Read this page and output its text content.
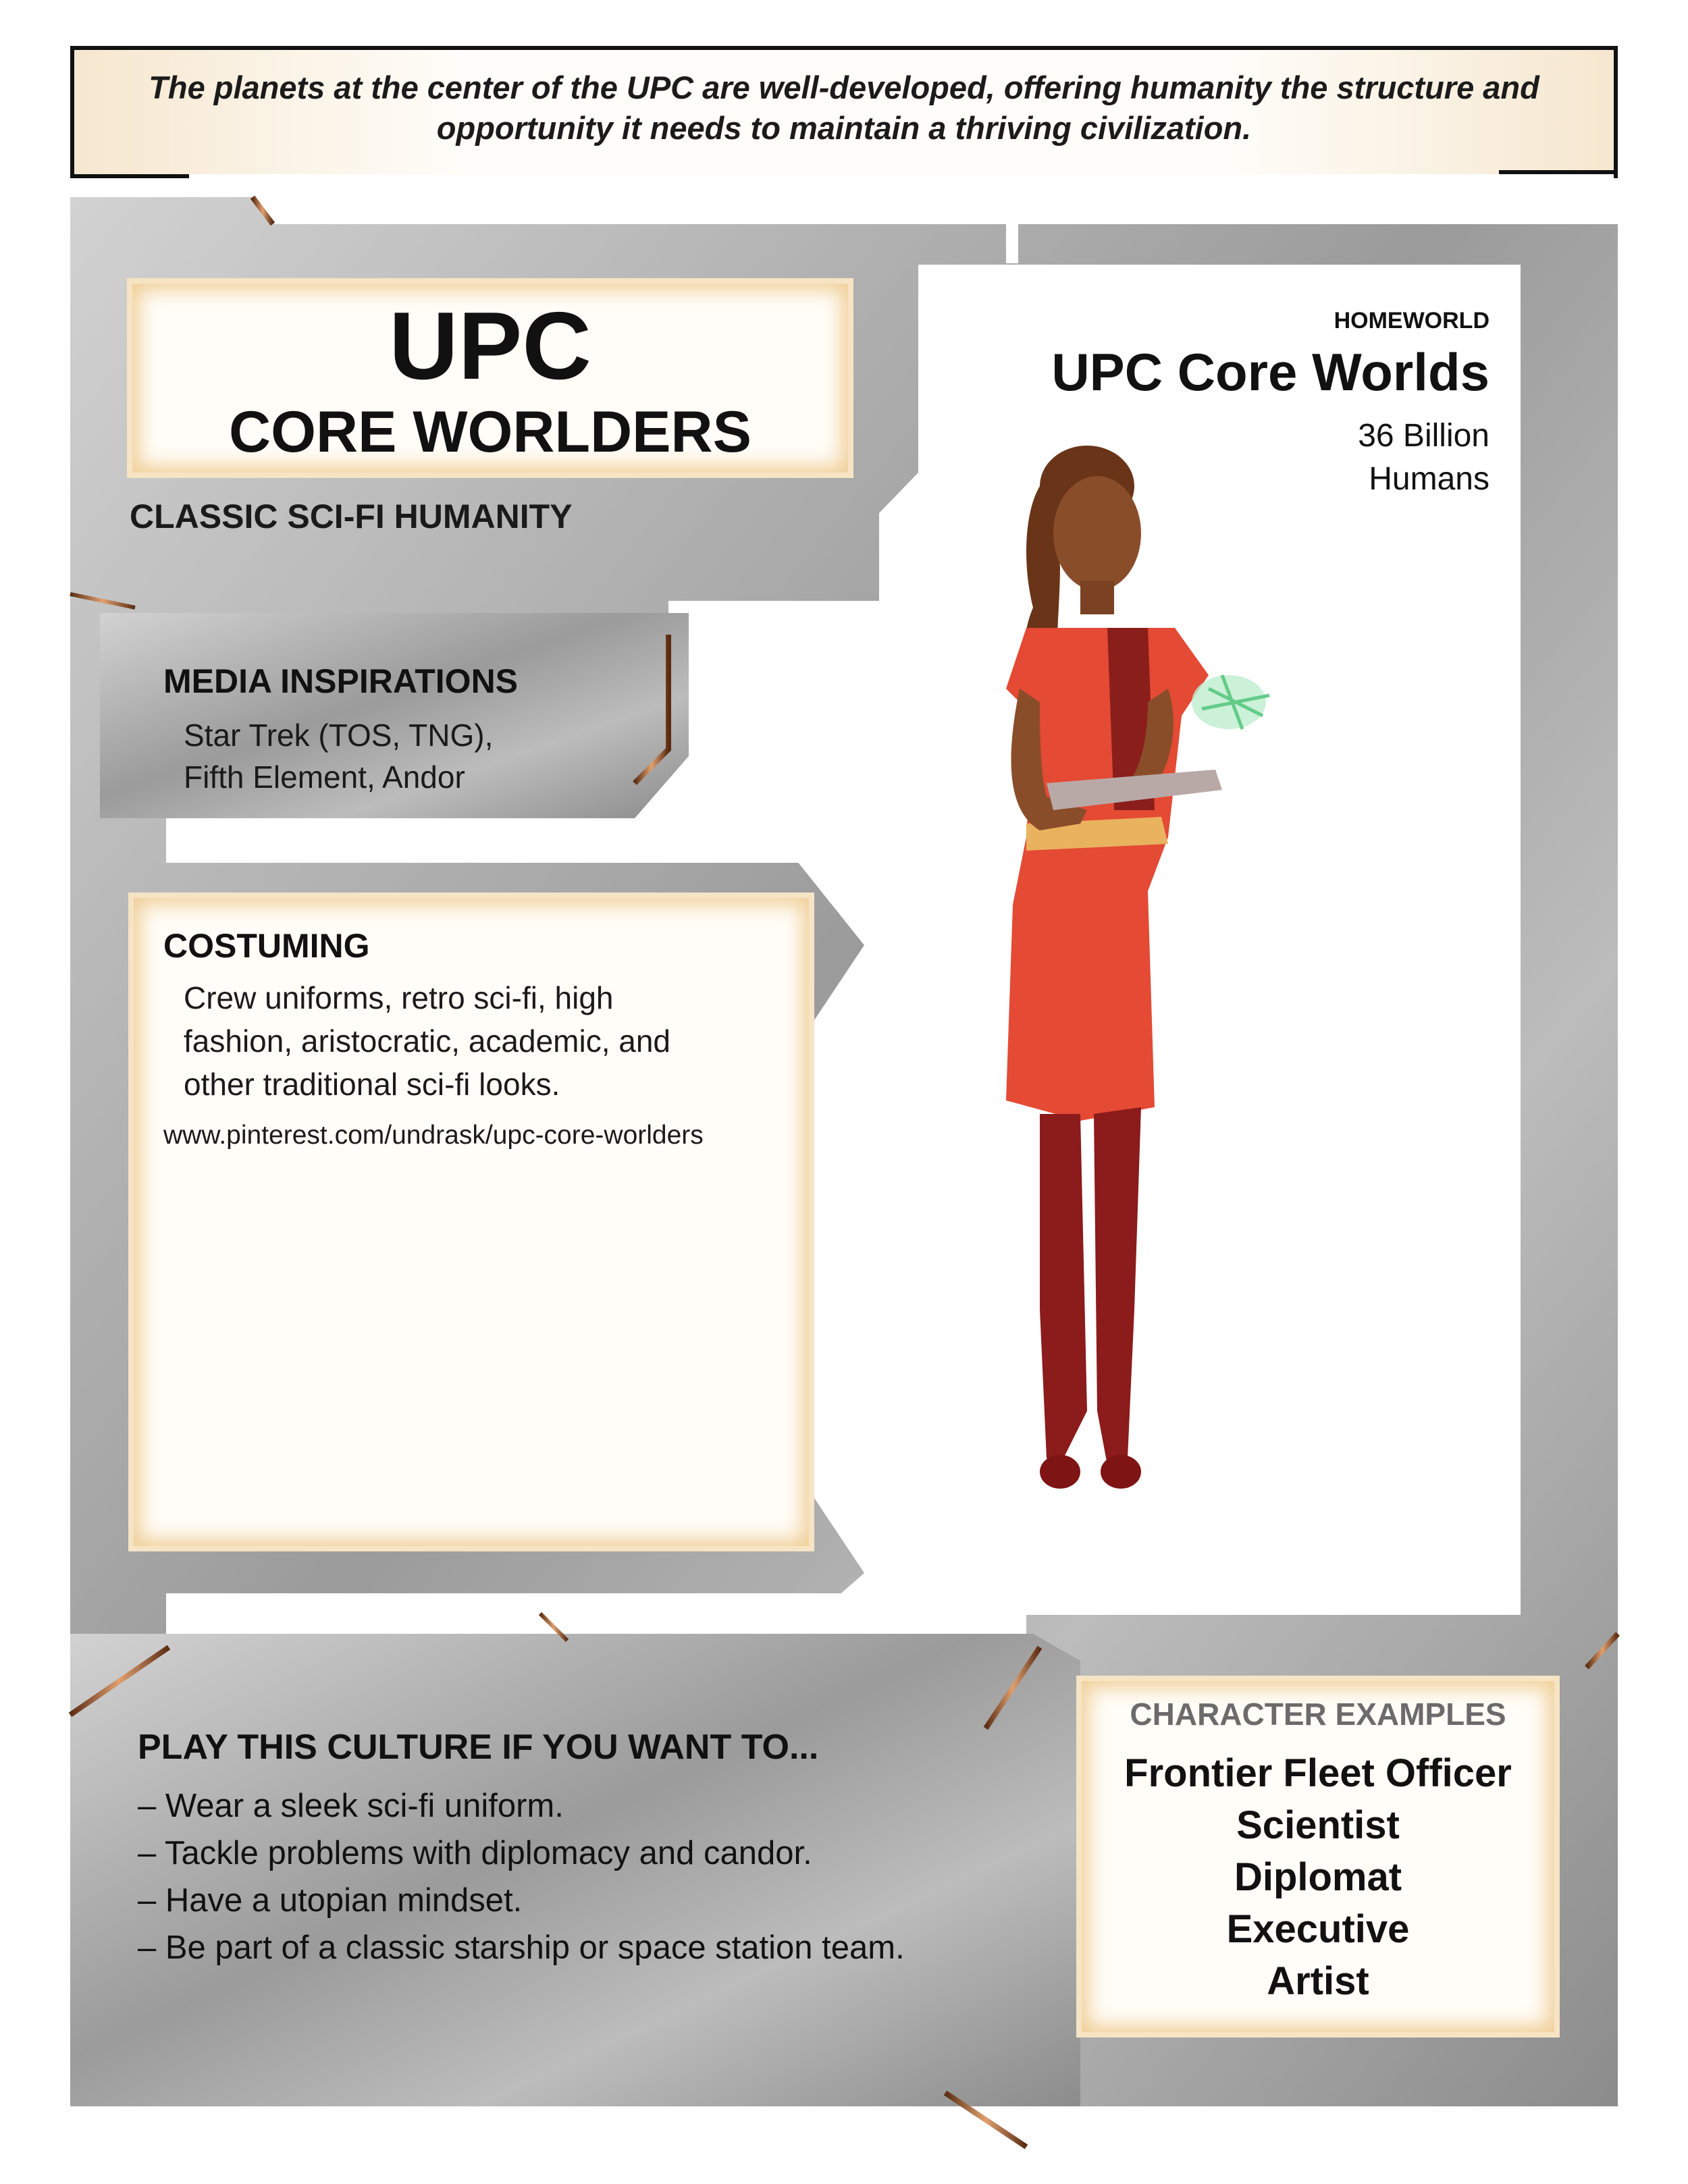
The planets at the center of the UPC are well-developed, offering humanity the structure and
opportunity it needs to maintain a thriving civilization.
UPC
CORE WORLDERS
CLASSIC SCI-FI HUMANITY
MEDIA INSPIRATIONS
Star Trek (TOS, TNG),
Fifth Element, Andor
COSTUMING
Crew uniforms, retro sci-fi, high
fashion, aristocratic, academic, and
other traditional sci-fi looks.
www.pinterest.com/undrask/upc-core-worlders
HOMEWORLD
UPC Core Worlds
36 Billion
Humans
PLAY THIS CULTURE IF YOU WANT TO...
– Wear a sleek sci-fi uniform.
– Tackle problems with diplomacy and candor.
– Have a utopian mindset.
– Be part of a classic starship or space station team.
CHARACTER EXAMPLES
Frontier Fleet Officer
Scientist
Diplomat
Executive
Artist
